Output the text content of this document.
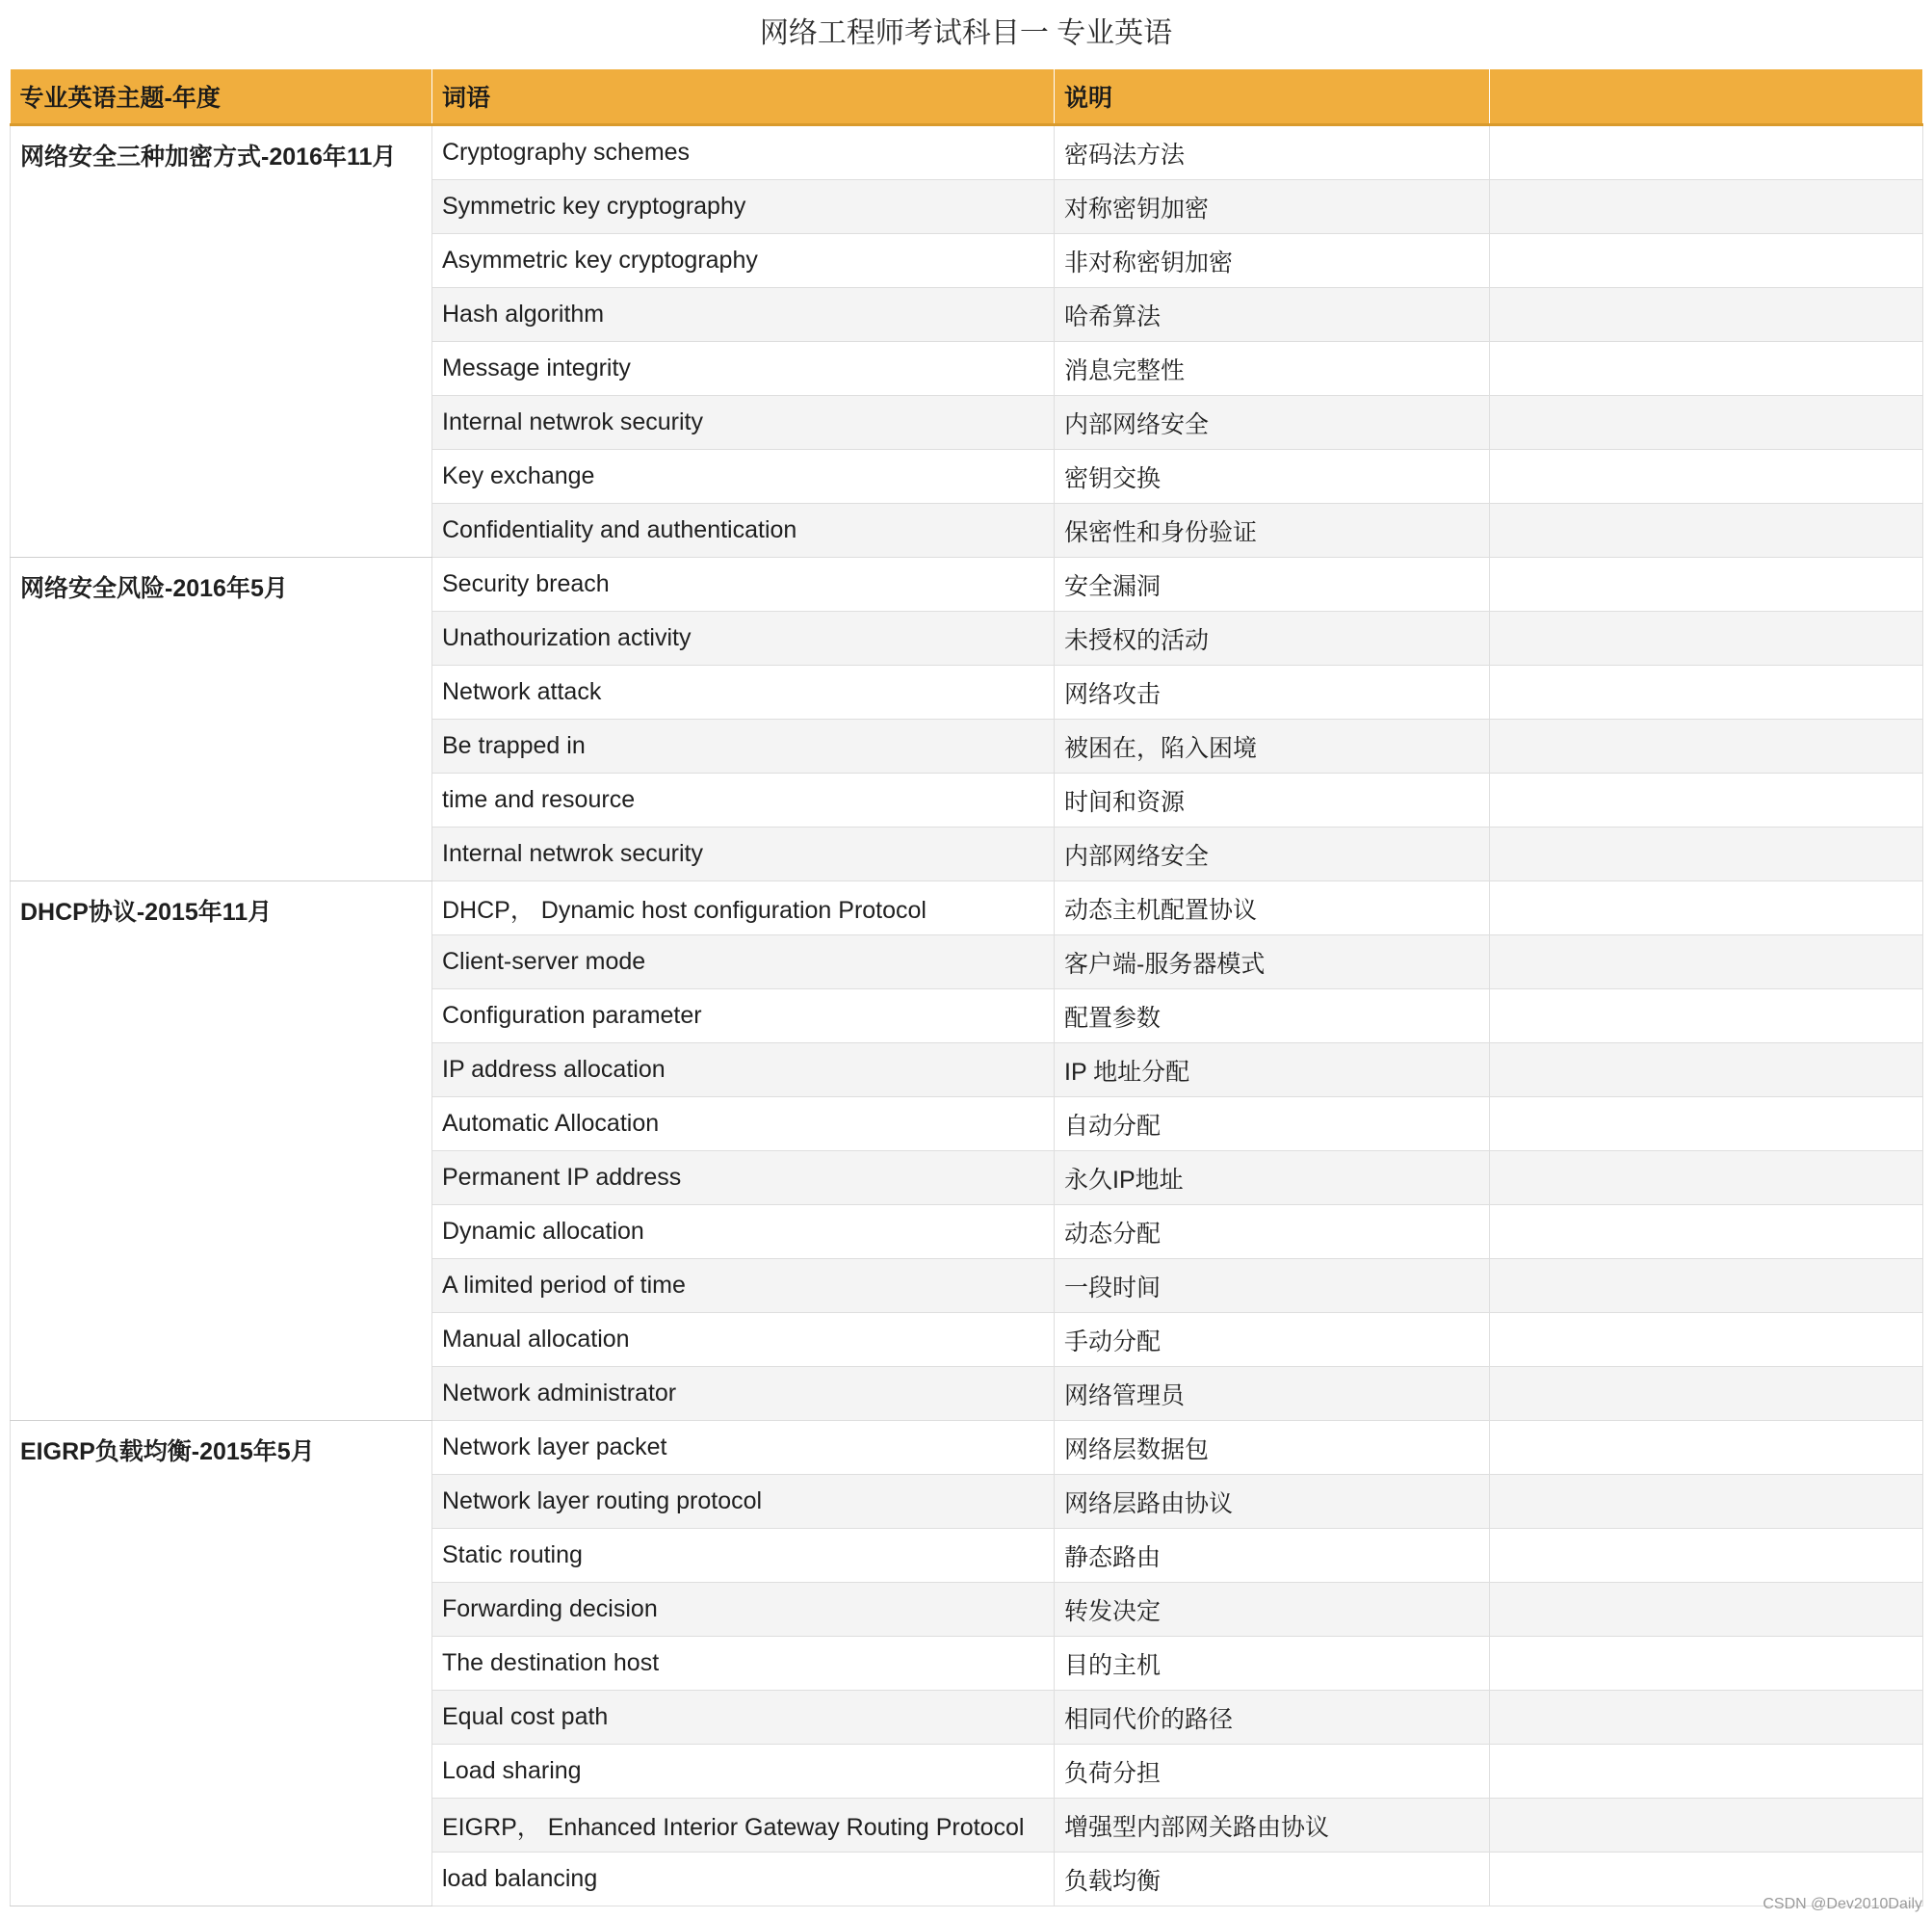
网络工程师考试科目一 专业英语
专业英语主题-年度	词语	说明	
网络安全三种加密方式-2016年11月	Cryptography schemes	密码法方法	
	Symmetric key cryptography	对称密钥加密	
	Asymmetric key cryptography	非对称密钥加密	
	Hash algorithm	哈希算法	
	Message integrity	消息完整性	
	Internal netwrok security	内部网络安全	
	Key exchange	密钥交换	
	Confidentiality and authentication	保密性和身份验证	
网络安全风险-2016年5月	Security breach	安全漏洞	
	Unathourization activity	未授权的活动	
	Network attack	网络攻击	
	Be trapped in	被困在，陷入困境	
	time and resource	时间和资源	
	Internal netwrok security	内部网络安全	
DHCP协议-2015年11月	DHCP， Dynamic host configuration Protocol	动态主机配置协议	
	Client-server mode	客户端-服务器模式	
	Configuration parameter	配置参数	
	IP address allocation	IP 地址分配	
	Automatic Allocation	自动分配	
	Permanent IP address	永久IP地址	
	Dynamic allocation	动态分配	
	A limited period of time	一段时间	
	Manual allocation	手动分配	
	Network administrator	网络管理员	
EIGRP负载均衡-2015年5月	Network layer packet	网络层数据包	
	Network layer routing protocol	网络层路由协议	
	Static routing	静态路由	
	Forwarding decision	转发决定	
	The destination host	目的主机	
	Equal cost path	相同代价的路径	
	Load sharing	负荷分担	
	EIGRP， Enhanced Interior Gateway Routing Protocol	增强型内部网关路由协议	
	load balancing	负载均衡	
CSDN @Dev2010Daily
